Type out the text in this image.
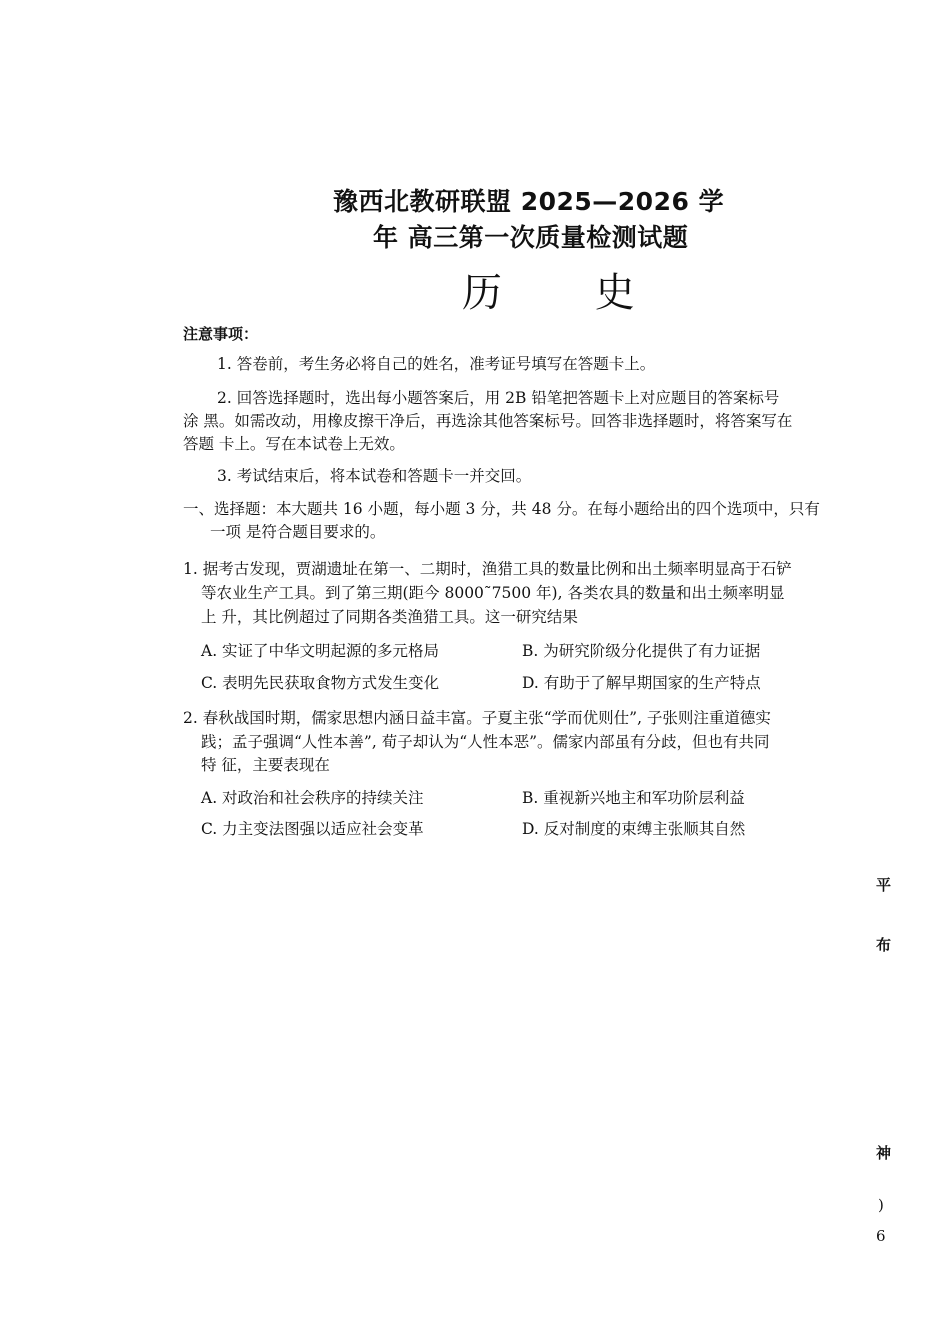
豫西北教研联盟 2025—2026 学
年 高三第一次质量检测试题
历 史
注意事项：
1. 答卷前，考生务必将自己的姓名，准考证号填写在答题卡上。
2. 回答选择题时，选出每小题答案后，用 2B 铅笔把答题卡上对应题目的答案标号
涂 黑。如需改动，用橡皮擦干净后，再选涂其他答案标号。回答非选择题时，将答案写在
答题 卡上。写在本试卷上无效。
3. 考试结束后，将本试卷和答题卡一并交回。
一、选择题：本大题共 16 小题，每小题 3 分，共 48 分。在每小题给出的四个选项中，只有
一项 是符合题目要求的。
1. 据考古发现，贾湖遗址在第一、二期时，渔猎工具的数量比例和出土频率明显高于石铲
等农业生产工具。到了第三期(距今 8000˜7500 年), 各类农具的数量和出土频率明显
上 升，其比例超过了同期各类渔猎工具。这一研究结果
A. 实证了中华文明起源的多元格局	B. 为研究阶级分化提供了有力证据
C. 表明先民获取食物方式发生变化	D. 有助于了解早期国家的生产特点
2. 春秋战国时期，儒家思想内涵日益丰富。子夏主张“学而优则仕”, 子张则注重道德实
践；孟子强调“人性本善”, 荀子却认为“人性本恶”。儒家内部虽有分歧，但也有共同
特 征，主要表现在
A. 对政治和社会秩序的持续关注	B. 重视新兴地主和军功阶层利益
C. 力主变法图强以适应社会变革	D. 反对制度的束缚主张顺其自然
平
布
神
)
6
